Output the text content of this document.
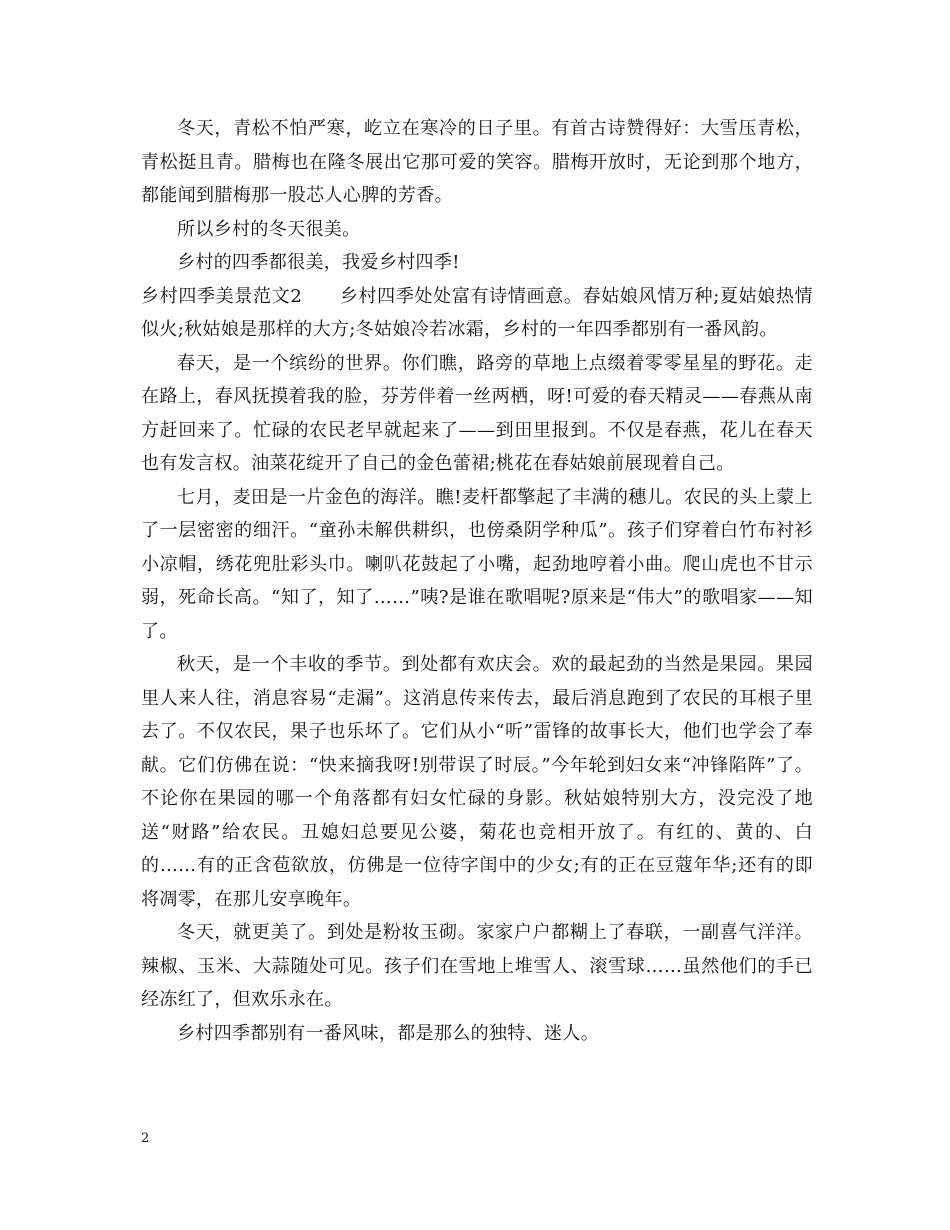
冬天，青松不怕严寒，屹立在寒冷的日子里。有首古诗赞得好：大雪压青松，青松挺且青。腊梅也在隆冬展出它那可爱的笑容。腊梅开放时，无论到那个地方，都能闻到腊梅那一股芯人心脾的芳香。

所以乡村的冬天很美。

乡村的四季都很美，我爱乡村四季!

乡村四季美景范文2　　乡村四季处处富有诗情画意。春姑娘风情万种;夏姑娘热情似火;秋姑娘是那样的大方;冬姑娘冷若冰霜，乡村的一年四季都别有一番风韵。

春天，是一个缤纷的世界。你们瞧，路旁的草地上点缀着零零星星的野花。走在路上，春风抚摸着我的脸，芬芳伴着一丝两栖，呀!可爱的春天精灵——春燕从南方赶回来了。忙碌的农民老早就起来了——到田里报到。不仅是春燕，花儿在春天也有发言权。油菜花绽开了自己的金色蕾裙;桃花在春姑娘前展现着自己。

七月，麦田是一片金色的海洋。瞧!麦杆都擎起了丰满的穗儿。农民的头上蒙上了一层密密的细汗。“童孙未解供耕织，也傍桑阴学种瓜”。孩子们穿着白竹布衬衫小凉帽，绣花兜肚彩头巾。喇叭花鼓起了小嘴，起劲地哼着小曲。爬山虎也不甘示弱，死命长高。“知了，知了……”咦?是谁在歌唱呢?原来是“伟大”的歌唱家——知了。

秋天，是一个丰收的季节。到处都有欢庆会。欢的最起劲的当然是果园。果园里人来人往，消息容易“走漏”。这消息传来传去，最后消息跑到了农民的耳根子里去了。不仅农民，果子也乐坏了。它们从小“听”雷锋的故事长大，他们也学会了奉献。它们仿佛在说：“快来摘我呀!别带误了时辰。”今年轮到妇女来“冲锋陷阵”了。不论你在果园的哪一个角落都有妇女忙碌的身影。秋姑娘特别大方，没完没了地送“财路”给农民。丑媳妇总要见公婆，菊花也竞相开放了。有红的、黄的、白的……有的正含苞欲放，仿佛是一位待字闺中的少女;有的正在豆蔻年华;还有的即将凋零，在那儿安享晚年。

冬天，就更美了。到处是粉妆玉砌。家家户户都糊上了春联，一副喜气洋洋。辣椒、玉米、大蒜随处可见。孩子们在雪地上堆雪人、滚雪球……虽然他们的手已经冻红了，但欢乐永在。

乡村四季都别有一番风味，都是那么的独特、迷人。

2
